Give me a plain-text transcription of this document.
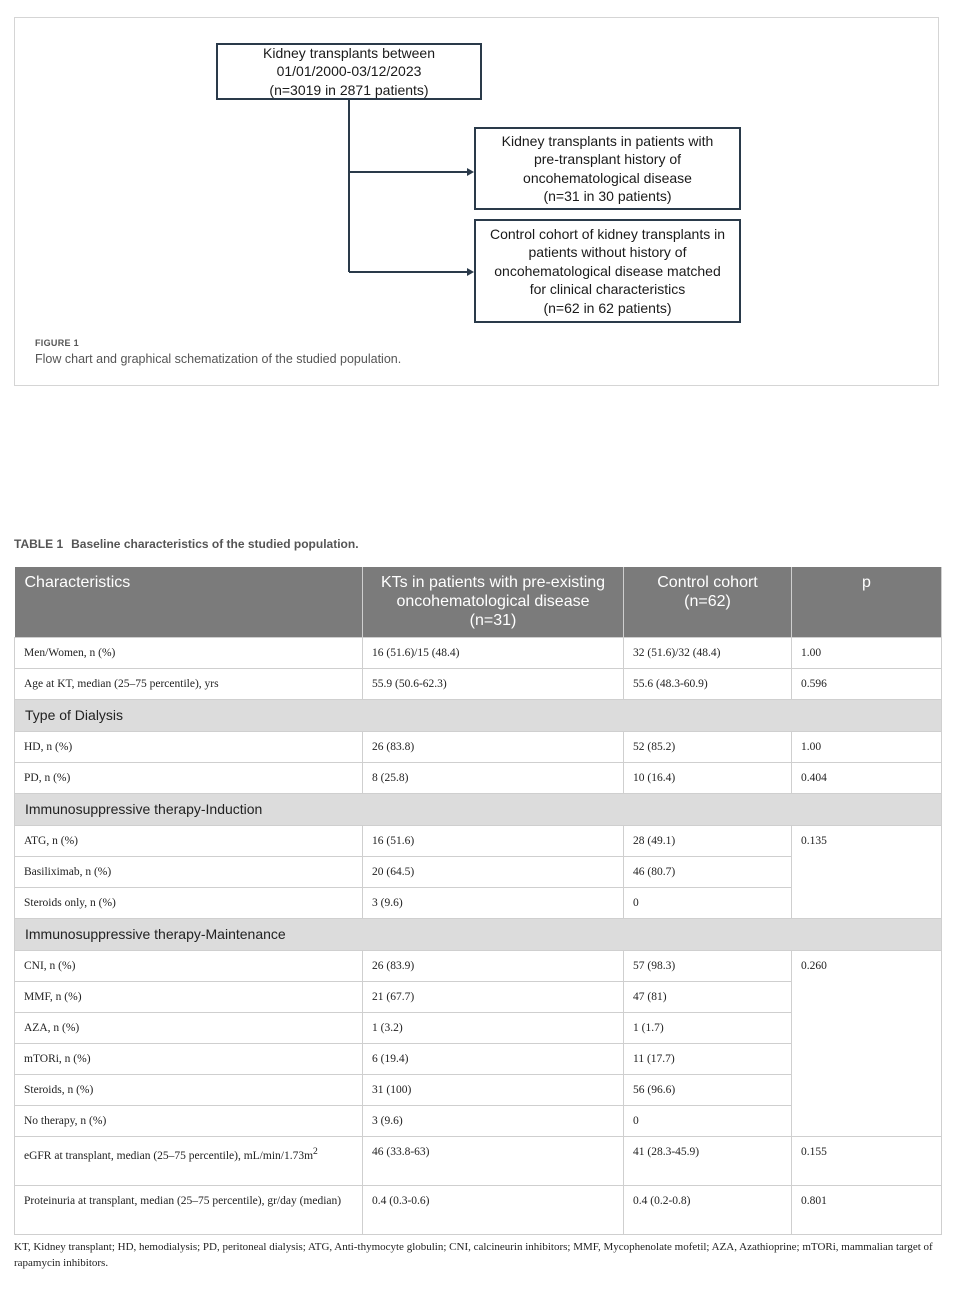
Kidney transplants between
01/01/2000-03/12/2023
(n=3019 in 2871 patients)
Kidney transplants in patients with
pre-transplant history of
oncohematological disease
(n=31 in 30 patients)
Control cohort of kidney transplants in
patients without history of
oncohematological disease matched
for clinical characteristics
(n=62 in 62 patients)
FIGURE 1
Flow chart and graphical schematization of the studied population.
TABLE 1 Baseline characteristics of the studied population.
Characteristics	KTs in patients with pre-existing oncohematological disease (n=31)	Control cohort (n=62)	p
Men/Women, n (%)	16 (51.6)/15 (48.4)	32 (51.6)/32 (48.4)	1.00
Age at KT, median (25–75 percentile), yrs	55.9 (50.6-62.3)	55.6 (48.3-60.9)	0.596
Type of Dialysis			
HD, n (%)	26 (83.8)	52 (85.2)	1.00
PD, n (%)	8 (25.8)	10 (16.4)	0.404
Immunosuppressive therapy-Induction			
ATG, n (%)	16 (51.6)	28 (49.1)	0.135
Basiliximab, n (%)	20 (64.5)	46 (80.7)	
Steroids only, n (%)	3 (9.6)	0	
Immunosuppressive therapy-Maintenance			
CNI, n (%)	26 (83.9)	57 (98.3)	0.260
MMF, n (%)	21 (67.7)	47 (81)	
AZA, n (%)	1 (3.2)	1 (1.7)	
mTORi, n (%)	6 (19.4)	11 (17.7)	
Steroids, n (%)	31 (100)	56 (96.6)	
No therapy, n (%)	3 (9.6)	0	
eGFR at transplant, median (25–75 percentile), $mL/\min/1.73m^2$	46 (33.8-63)	41 (28.3-45.9)	0.155
Proteinuria at transplant, median (25–75 percentile), gr/day (median)	0.4 (0.3-0.6)	0.4 (0.2-0.8)	0.801
KT, Kidney transplant; HD, hemodialysis; PD, peritoneal dialysis; ATG, Anti-thymocyte globulin; CNI, calcineurin inhibitors; MMF, Mycophenolate mofetil; AZA, Azathioprine; mTORi, mammalian target of rapamycin inhibitors.
